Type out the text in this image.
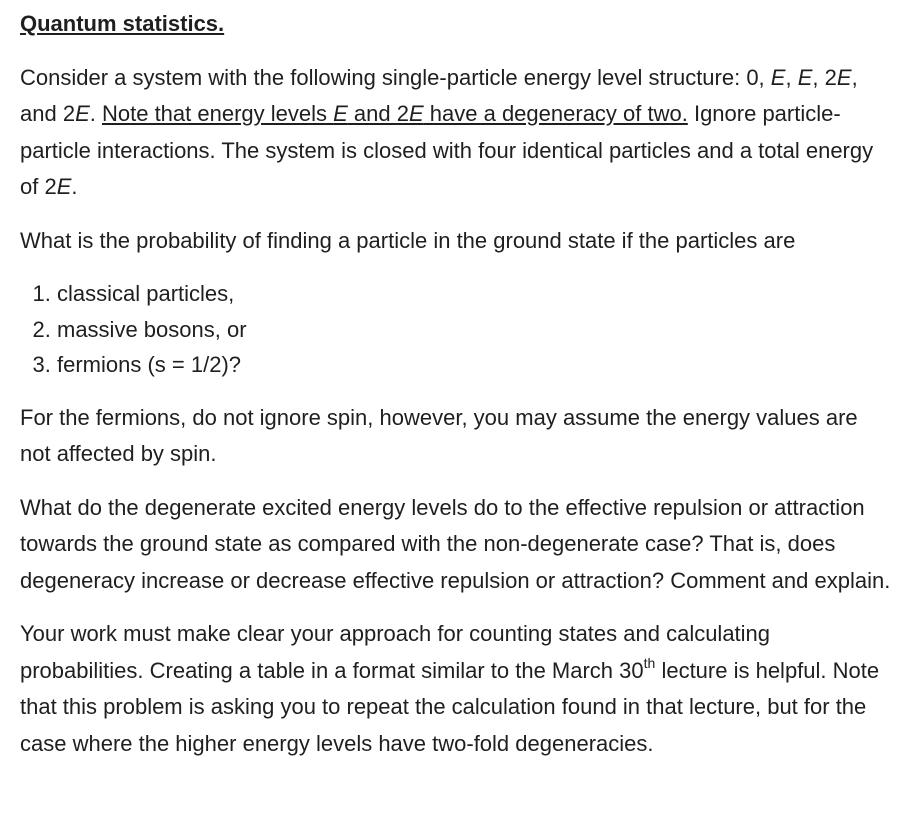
Quantum statistics.

Consider a system with the following single-particle energy level structure: 0, E, E, 2E, and 2E. Note that energy levels E and 2E have a degeneracy of two. Ignore particle-particle interactions. The system is closed with four identical particles and a total energy of 2E.

What is the probability of finding a particle in the ground state if the particles are

1. classical particles,
2. massive bosons, or
3. fermions (s = 1/2)?

For the fermions, do not ignore spin, however, you may assume the energy values are not affected by spin.

What do the degenerate excited energy levels do to the effective repulsion or attraction towards the ground state as compared with the non-degenerate case? That is, does degeneracy increase or decrease effective repulsion or attraction? Comment and explain.

Your work must make clear your approach for counting states and calculating probabilities. Creating a table in a format similar to the March 30th lecture is helpful. Note that this problem is asking you to repeat the calculation found in that lecture, but for the case where the higher energy levels have two-fold degeneracies.
